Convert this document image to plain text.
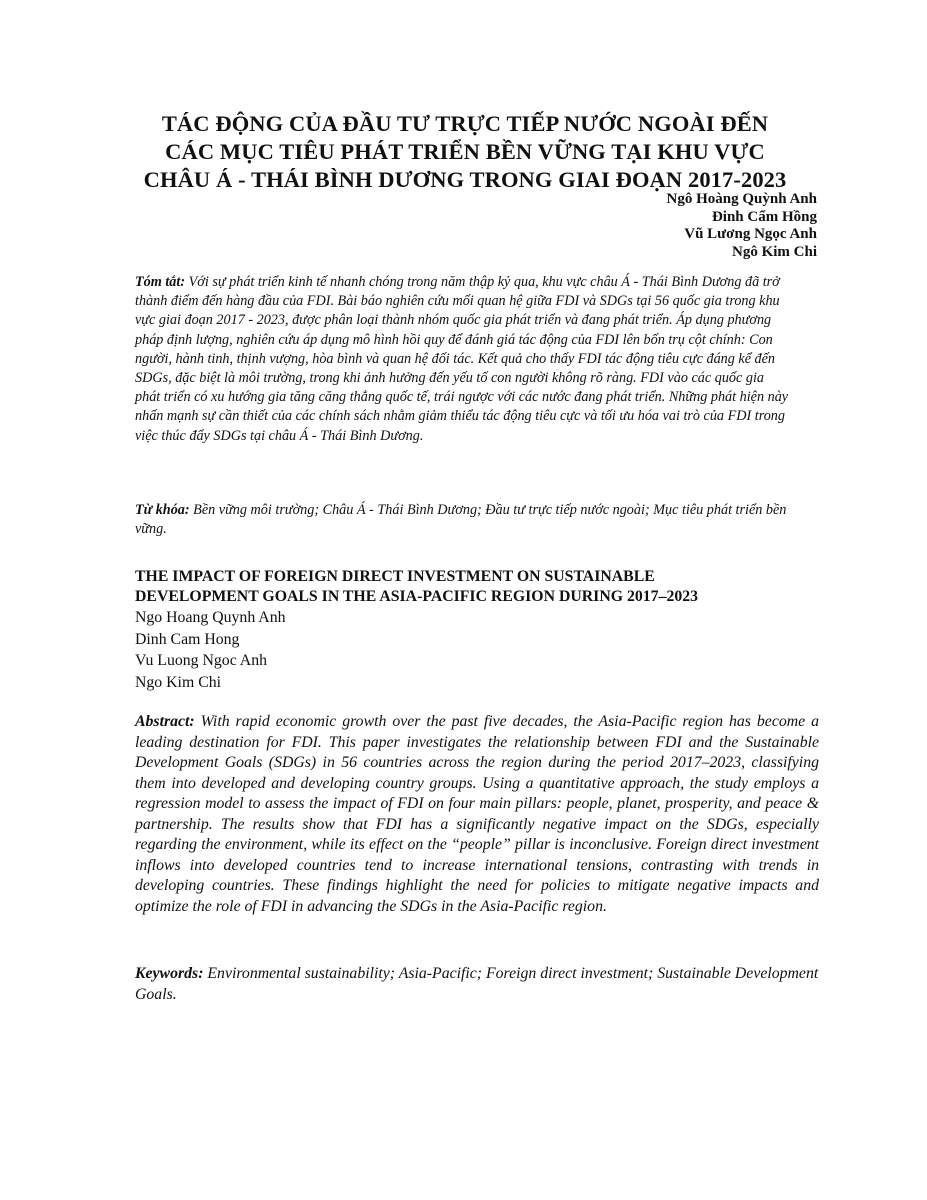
TÁC ĐỘNG CỦA ĐẦU TƯ TRỰC TIẾP NƯỚC NGOÀI ĐẾN
CÁC MỤC TIÊU PHÁT TRIỂN BỀN VỮNG TẠI KHU VỰC
CHÂU Á - THÁI BÌNH DƯƠNG TRONG GIAI ĐOẠN 2017-2023
Ngô Hoàng Quỳnh Anh
Đinh Cẩm Hồng
Vũ Lương Ngọc Anh
Ngô Kim Chi

Tóm tắt: Với sự phát triển kinh tế nhanh chóng trong năm thập kỷ qua, khu vực châu Á - Thái Bình Dương đã trở thành điểm đến hàng đầu của FDI. Bài báo nghiên cứu mối quan hệ giữa FDI và SDGs tại 56 quốc gia trong khu vực giai đoạn 2017 - 2023, được phân loại thành nhóm quốc gia phát triển và đang phát triển. Áp dụng phương pháp định lượng, nghiên cứu áp dụng mô hình hồi quy để đánh giá tác động của FDI lên bốn trụ cột chính: Con người, hành tinh, thịnh vượng, hòa bình và quan hệ đối tác. Kết quả cho thấy FDI tác động tiêu cực đáng kể đến SDGs, đặc biệt là môi trường, trong khi ảnh hưởng đến yếu tố con người không rõ ràng. FDI vào các quốc gia phát triển có xu hướng gia tăng căng thẳng quốc tế, trái ngược với các nước đang phát triển. Những phát hiện này nhấn mạnh sự cần thiết của các chính sách nhằm giảm thiểu tác động tiêu cực và tối ưu hóa vai trò của FDI trong việc thúc đẩy SDGs tại châu Á - Thái Bình Dương.

Từ khóa: Bền vững môi trường; Châu Á - Thái Bình Dương; Đầu tư trực tiếp nước ngoài; Mục tiêu phát triển bền vững.

THE IMPACT OF FOREIGN DIRECT INVESTMENT ON SUSTAINABLE
DEVELOPMENT GOALS IN THE ASIA-PACIFIC REGION DURING 2017–2023
Ngo Hoang Quynh Anh
Dinh Cam Hong
Vu Luong Ngoc Anh
Ngo Kim Chi

Abstract: With rapid economic growth over the past five decades, the Asia-Pacific region has become a leading destination for FDI. This paper investigates the relationship between FDI and the Sustainable Development Goals (SDGs) in 56 countries across the region during the period 2017–2023, classifying them into developed and developing country groups. Using a quantitative approach, the study employs a regression model to assess the impact of FDI on four main pillars: people, planet, prosperity, and peace & partnership. The results show that FDI has a significantly negative impact on the SDGs, especially regarding the environment, while its effect on the “people” pillar is inconclusive. Foreign direct investment inflows into developed countries tend to increase international tensions, contrasting with trends in developing countries. These findings highlight the need for policies to mitigate negative impacts and optimize the role of FDI in advancing the SDGs in the Asia-Pacific region.

Keywords: Environmental sustainability; Asia-Pacific; Foreign direct investment; Sustainable Development Goals.
